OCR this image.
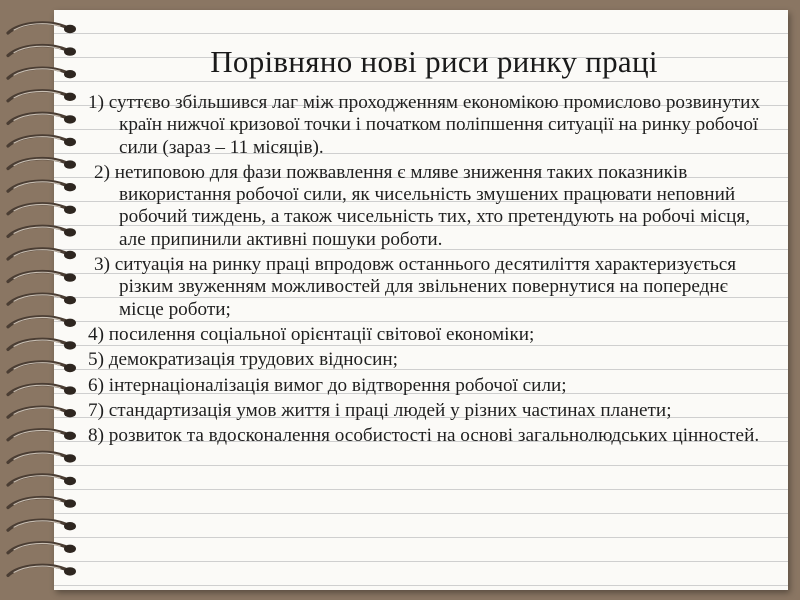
Порівняно нові риси ринку праці
1) суттєво збільшився лаг між проходженням економікою промислово розвинутих країн нижчої кризової точки і початком поліпшення ситуації на ринку робочої сили (зараз – 11 місяців).
2) нетиповою для фази пожвавлення є мляве зниження таких показників використання робочої сили, як чисельність змушених працювати неповний робочий тиждень, а також чисельність тих, хто претендують на робочі місця, але припинили активні пошуки роботи.
3) ситуація на ринку праці впродовж останнього десятиліття характеризується різким звуженням можливостей для звільнених повернутися на попереднє місце роботи;
4) посилення соціальної орієнтації світової економіки;
5) демократизація трудових відносин;
6) інтернаціоналізація вимог до відтворення робочої сили;
7) стандартизація умов життя і праці людей у різних частинах планети;
8) розвиток та вдосконалення особистості на основі загальнолюдських цінностей.
